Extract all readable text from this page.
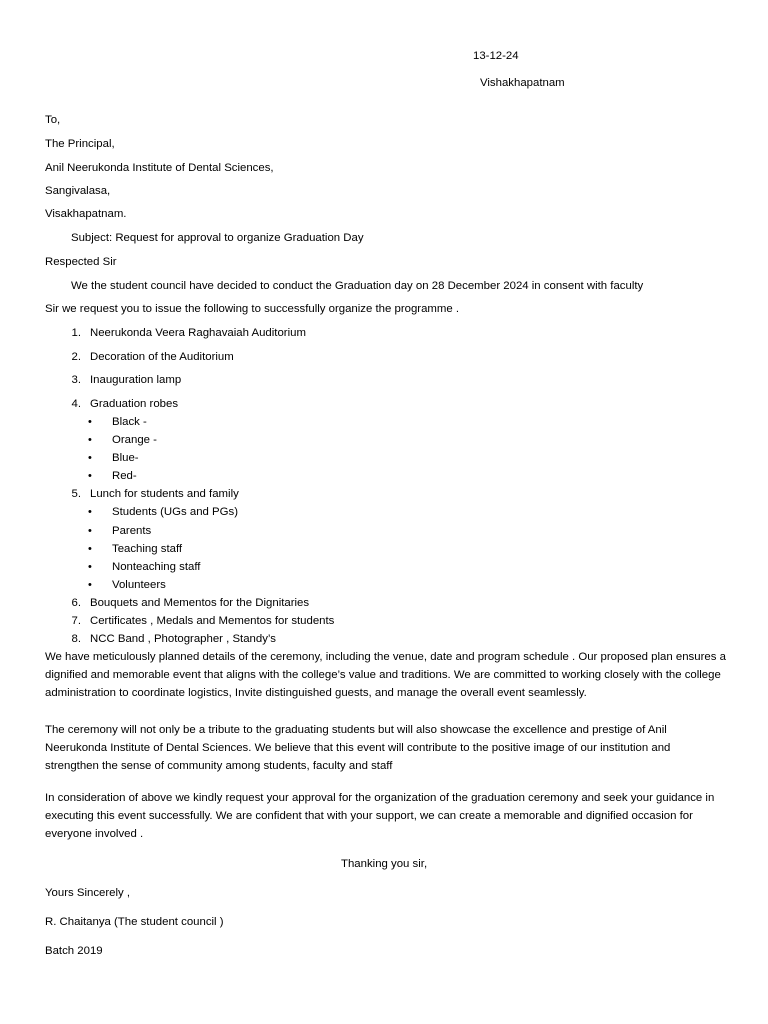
13-12-24
Vishakhapatnam
To,
The Principal,
Anil Neerukonda Institute of Dental Sciences,
Sangivalasa,
Visakhapatnam.
Subject: Request for approval to organize Graduation Day
Respected Sir
We the student council have decided to conduct the Graduation day on 28 December 2024 in consent with faculty
Sir we request you to issue the following to successfully organize the programme .
1. Neerukonda Veera Raghavaiah Auditorium
2. Decoration of the Auditorium
3. Inauguration lamp
4. Graduation robes
• Black -
• Orange -
• Blue-
• Red-
5. Lunch for students and family
• Students (UGs and PGs)
• Parents
• Teaching staff
• Nonteaching staff
• Volunteers
6. Bouquets and Mementos for the Dignitaries
7. Certificates , Medals and Mementos for students
8. NCC Band , Photographer , Standy’s
We have meticulously planned details of the ceremony, including the venue, date and program schedule . Our proposed plan ensures a dignified and memorable event that aligns with the college’s value and traditions. We are committed to working closely with the college administration to coordinate logistics, Invite distinguished guests, and manage the overall event seamlessly.
The ceremony will not only be a tribute to the graduating students but will also showcase the excellence and prestige of Anil Neerukonda Institute of Dental Sciences. We believe that this event will contribute to the positive image of our institution and strengthen the sense of community among students, faculty and staff
In consideration of above we kindly request your approval for the organization of the graduation ceremony and seek your guidance in executing this event successfully. We are confident that with your support, we can create a memorable and dignified occasion for everyone involved .
Thanking you sir,
Yours Sincerely ,
R. Chaitanya (The student council )
Batch 2019
